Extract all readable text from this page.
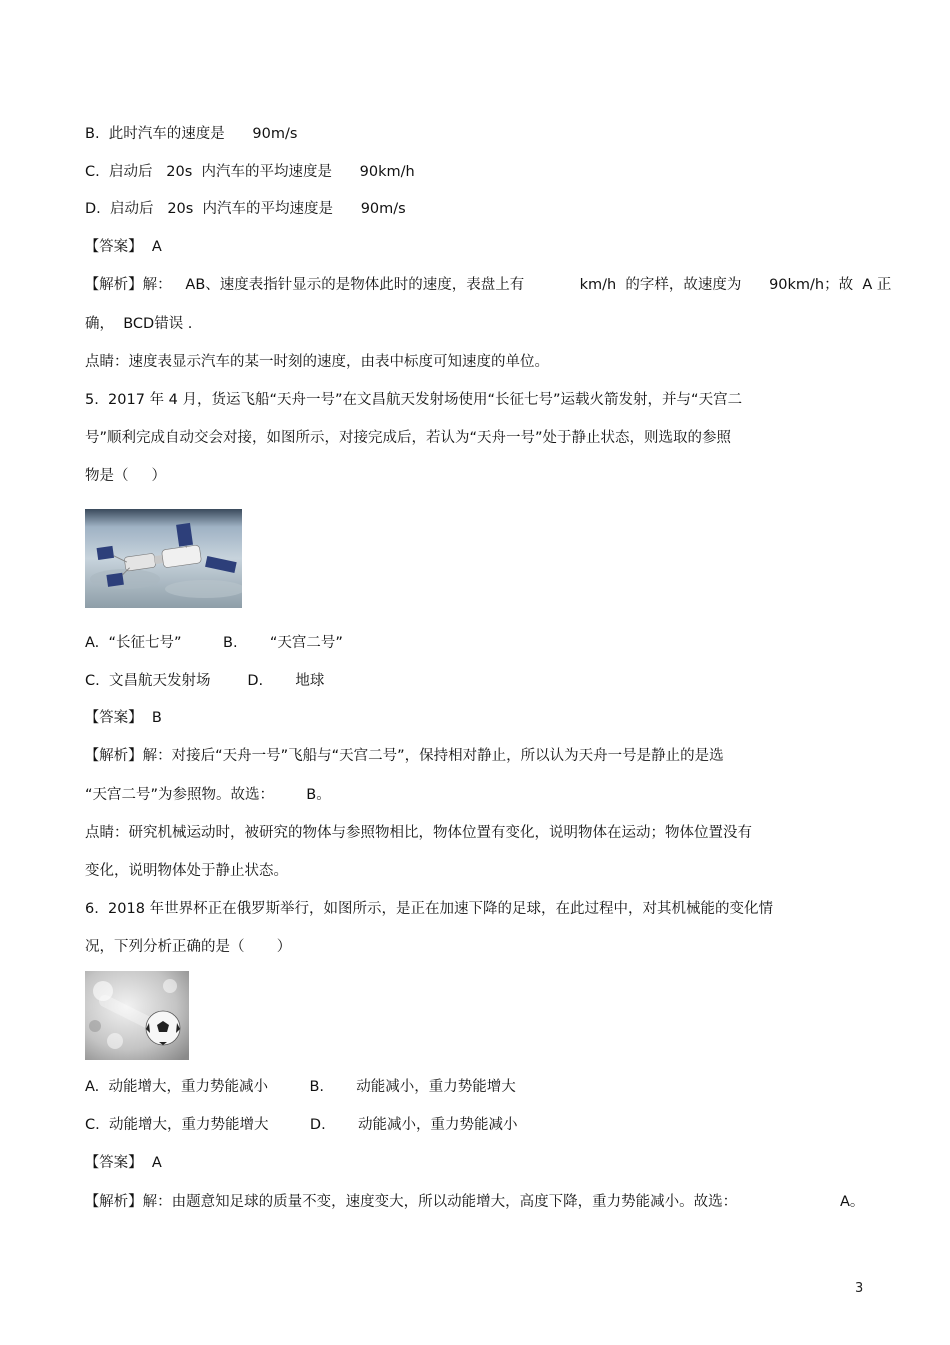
B.  此时汽车的速度是      90m/s
C.  启动后   20s  内汽车的平均速度是      90km/h
D.  启动后   20s  内汽车的平均速度是      90m/s
【答案】  A
【解析】解：   AB、速度表指针显示的是物体此时的速度，表盘上有            km/h  的字样，故速度为      90km/h；故  A 正
确，  BCD错误 .
点睛：速度表显示汽车的某一时刻的速度，由表中标度可知速度的单位。
5.  2017 年 4 月，货运飞船“天舟一号”在文昌航天发射场使用“长征七号”运载火箭发射，并与“天宫二
号”顺利完成自动交会对接，如图所示，对接完成后，若认为“天舟一号”处于静止状态，则选取的参照
物是（     ）
A.  “长征七号”         B.       “天宫二号”
C.  文昌航天发射场        D.       地球
【答案】  B
【解析】解：对接后“天舟一号”飞船与“天宫二号”，保持相对静止，所以认为天舟一号是静止的是选
“天宫二号”为参照物。故选：       B。
点睛：研究机械运动时，被研究的物体与参照物相比，物体位置有变化，说明物体在运动；物体位置没有
变化，说明物体处于静止状态。
6.  2018 年世界杯正在俄罗斯举行，如图所示，是正在加速下降的足球，在此过程中，对其机械能的变化情
况，下列分析正确的是（       ）
A.  动能增大，重力势能减小         B.       动能减小，重力势能增大
C.  动能增大，重力势能增大         D.       动能减小，重力势能减小
【答案】  A
【解析】解：由题意知足球的质量不变，速度变大，所以动能增大，高度下降，重力势能减小。故选：	A。
3
